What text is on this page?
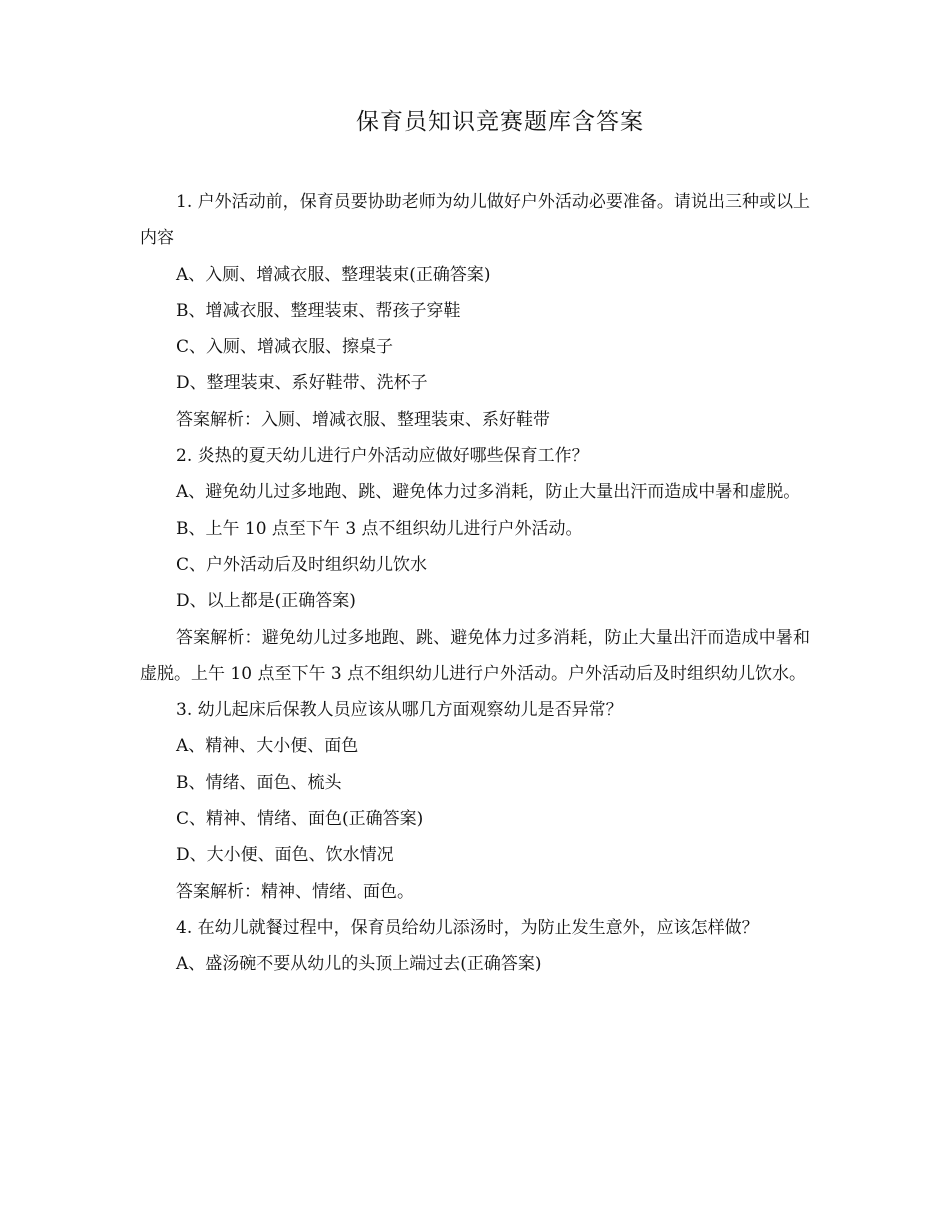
保育员知识竞赛题库含答案

1. 户外活动前，保育员要协助老师为幼儿做好户外活动必要准备。请说出三种或以上内容

A、入厕、增减衣服、整理装束(正确答案)

B、增减衣服、整理装束、帮孩子穿鞋

C、入厕、增减衣服、擦桌子

D、整理装束、系好鞋带、洗杯子

答案解析：入厕、增减衣服、整理装束、系好鞋带

2. 炎热的夏天幼儿进行户外活动应做好哪些保育工作？

A、避免幼儿过多地跑、跳、避免体力过多消耗，防止大量出汗而造成中暑和虚脱。

B、上午 10 点至下午 3 点不组织幼儿进行户外活动。

C、户外活动后及时组织幼儿饮水

D、以上都是(正确答案)

答案解析：避免幼儿过多地跑、跳、避免体力过多消耗，防止大量出汗而造成中暑和虚脱。上午 10 点至下午 3 点不组织幼儿进行户外活动。户外活动后及时组织幼儿饮水。

3. 幼儿起床后保教人员应该从哪几方面观察幼儿是否异常？

A、精神、大小便、面色

B、情绪、面色、梳头

C、精神、情绪、面色(正确答案)

D、大小便、面色、饮水情况

答案解析：精神、情绪、面色。

4. 在幼儿就餐过程中，保育员给幼儿添汤时，为防止发生意外，应该怎样做？

A、盛汤碗不要从幼儿的头顶上端过去(正确答案)
